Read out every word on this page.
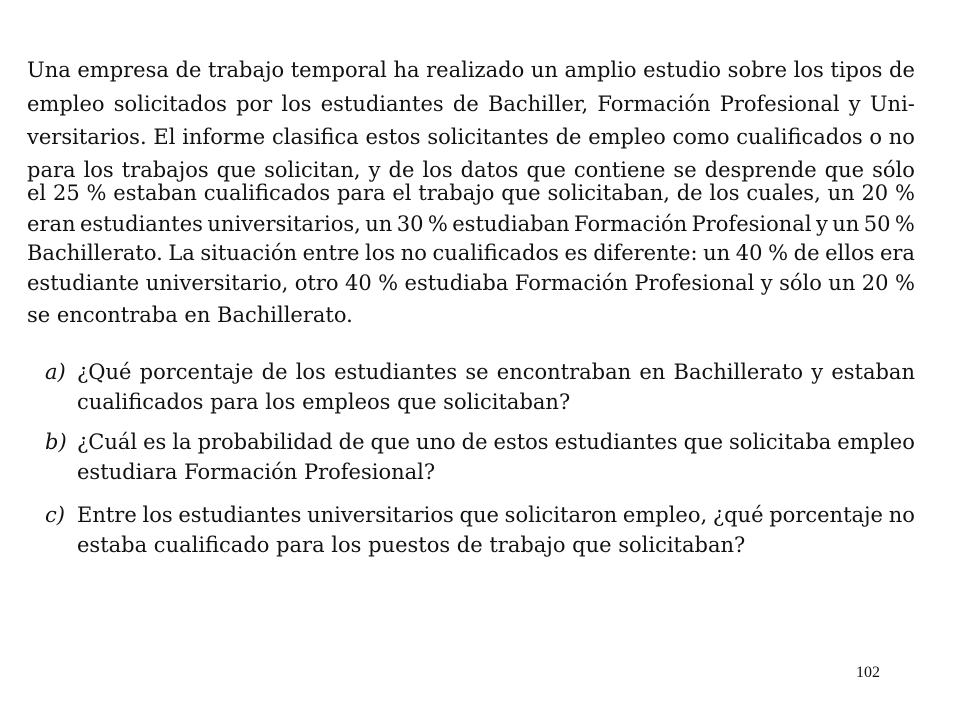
Una empresa de trabajo temporal ha realizado un amplio estudio sobre los tipos de
empleo solicitados por los estudiantes de Bachiller, Formación Profesional y Uni-
versitarios. El informe clasifica estos solicitantes de empleo como cualificados o no
para los trabajos que solicitan, y de los datos que contiene se desprende que sólo
el 25 % estaban cualificados para el trabajo que solicitaban, de los cuales, un 20 %
eran estudiantes universitarios, un 30 % estudiaban Formación Profesional y un 50 %
Bachillerato. La situación entre los no cualificados es diferente: un 40 % de ellos era
estudiante universitario, otro 40 % estudiaba Formación Profesional y sólo un 20 %
se encontraba en Bachillerato.
a) ¿Qué porcentaje de los estudiantes se encontraban en Bachillerato y estaban
cualificados para los empleos que solicitaban?
b) ¿Cuál es la probabilidad de que uno de estos estudiantes que solicitaba empleo
estudiara Formación Profesional?
c) Entre los estudiantes universitarios que solicitaron empleo, ¿qué porcentaje no
estaba cualificado para los puestos de trabajo que solicitaban?
102
